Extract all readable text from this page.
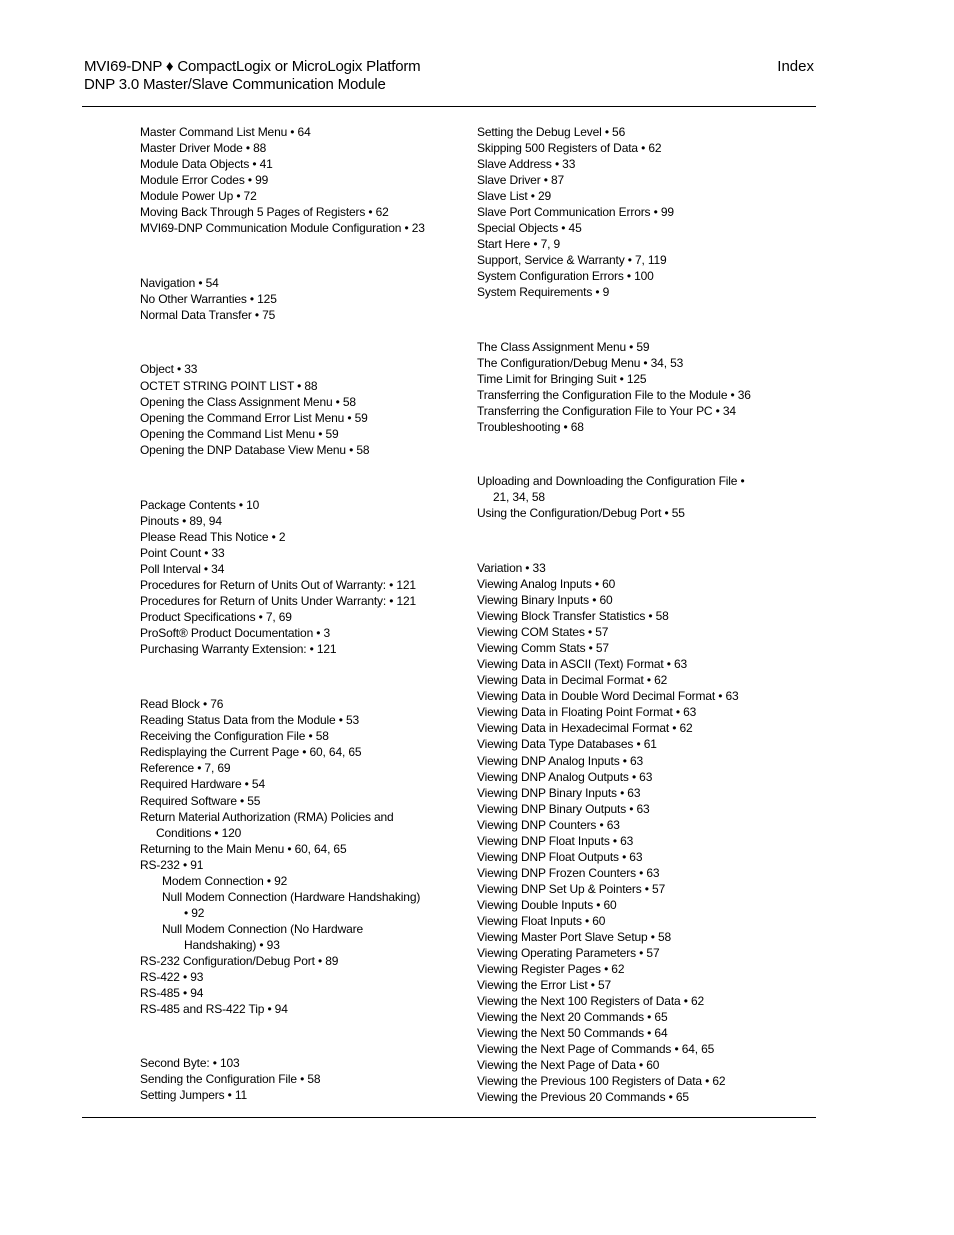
MVI69-DNP ♦ CompactLogix or MicroLogix Platform
DNP 3.0 Master/Slave Communication Module
Index
Master Command List Menu • 64
Master Driver Mode • 88
Module Data Objects • 41
Module Error Codes • 99
Module Power Up • 72
Moving Back Through 5 Pages of Registers • 62
MVI69-DNP Communication Module Configuration • 23
Navigation • 54
No Other Warranties • 125
Normal Data Transfer • 75
Object • 33
OCTET STRING POINT LIST • 88
Opening the Class Assignment Menu • 58
Opening the Command Error List Menu • 59
Opening the Command List Menu • 59
Opening the DNP Database View Menu • 58
Package Contents • 10
Pinouts • 89, 94
Please Read This Notice • 2
Point Count • 33
Poll Interval • 34
Procedures for Return of Units Out of Warranty: • 121
Procedures for Return of Units Under Warranty: • 121
Product Specifications • 7, 69
ProSoft® Product Documentation • 3
Purchasing Warranty Extension: • 121
Read Block • 76
Reading Status Data from the Module • 53
Receiving the Configuration File • 58
Redisplaying the Current Page • 60, 64, 65
Reference • 7, 69
Required Hardware • 54
Required Software • 55
Return Material Authorization (RMA) Policies and
Conditions • 120
Returning to the Main Menu • 60, 64, 65
RS-232 • 91
Modem Connection • 92
Null Modem Connection (Hardware Handshaking)
• 92
Null Modem Connection (No Hardware
Handshaking) • 93
RS-232 Configuration/Debug Port • 89
RS-422 • 93
RS-485 • 94
RS-485 and RS-422 Tip • 94
Second Byte: • 103
Sending the Configuration File • 58
Setting Jumpers • 11
Setting the Debug Level • 56
Skipping 500 Registers of Data • 62
Slave Address • 33
Slave Driver • 87
Slave List • 29
Slave Port Communication Errors • 99
Special Objects • 45
Start Here • 7, 9
Support, Service & Warranty • 7, 119
System Configuration Errors • 100
System Requirements • 9
The Class Assignment Menu • 59
The Configuration/Debug Menu • 34, 53
Time Limit for Bringing Suit • 125
Transferring the Configuration File to the Module • 36
Transferring the Configuration File to Your PC • 34
Troubleshooting • 68
Uploading and Downloading the Configuration File •
21, 34, 58
Using the Configuration/Debug Port • 55
Variation • 33
Viewing Analog Inputs • 60
Viewing Binary Inputs • 60
Viewing Block Transfer Statistics • 58
Viewing COM States • 57
Viewing Comm Stats • 57
Viewing Data in ASCII (Text) Format • 63
Viewing Data in Decimal Format • 62
Viewing Data in Double Word Decimal Format • 63
Viewing Data in Floating Point Format • 63
Viewing Data in Hexadecimal Format • 62
Viewing Data Type Databases • 61
Viewing DNP Analog Inputs • 63
Viewing DNP Analog Outputs • 63
Viewing DNP Binary Inputs • 63
Viewing DNP Binary Outputs • 63
Viewing DNP Counters • 63
Viewing DNP Float Inputs • 63
Viewing DNP Float Outputs • 63
Viewing DNP Frozen Counters • 63
Viewing DNP Set Up & Pointers • 57
Viewing Double Inputs • 60
Viewing Float Inputs • 60
Viewing Master Port Slave Setup • 58
Viewing Operating Parameters • 57
Viewing Register Pages • 62
Viewing the Error List • 57
Viewing the Next 100 Registers of Data • 62
Viewing the Next 20 Commands • 65
Viewing the Next 50 Commands • 64
Viewing the Next Page of Commands • 64, 65
Viewing the Next Page of Data • 60
Viewing the Previous 100 Registers of Data • 62
Viewing the Previous 20 Commands • 65
